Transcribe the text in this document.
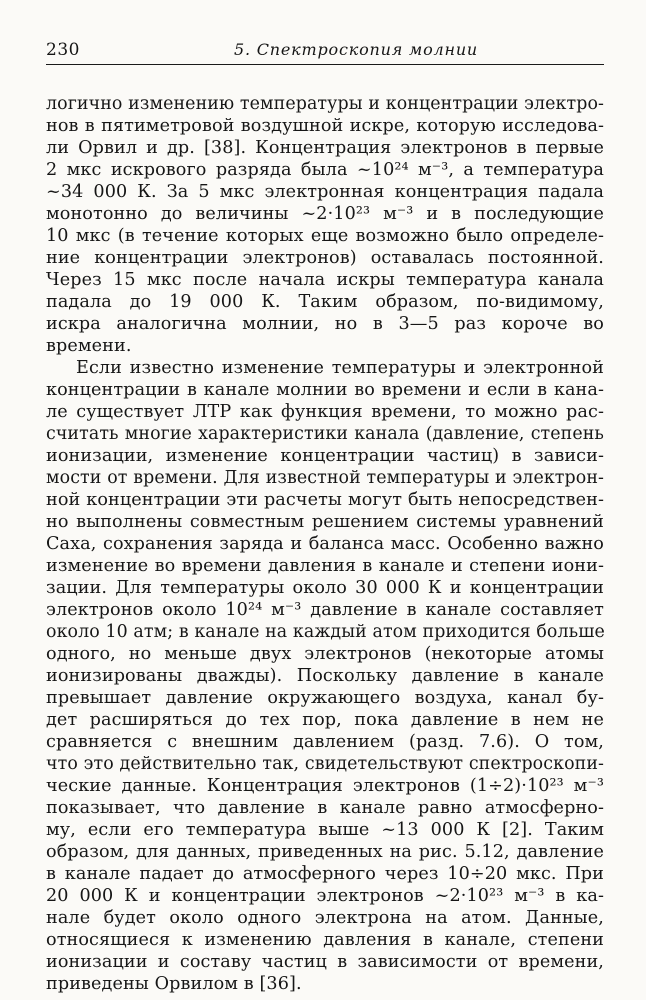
230	5. Спектроскопия молнии
логично изменению температуры и концентрации электро-
нов в пятиметровой воздушной искре, которую исследова-
ли Орвил и др. [38]. Концентрация электронов в первые
2 мкс искрового разряда была ~10²⁴ м⁻³, а температура
~34 000 К. За 5 мкс электронная концентрация падала
монотонно до величины ~2·10²³ м⁻³ и в последующие
10 мкс (в течение которых еще возможно было определе-
ние концентрации электронов) оставалась постоянной.
Через 15 мкс после начала искры температура канала
падала до 19 000 К. Таким образом, по-видимому,
искра аналогична молнии, но в 3—5 раз короче во
времени.
Если известно изменение температуры и электронной
концентрации в канале молнии во времени и если в кана-
ле существует ЛТР как функция времени, то можно рас-
считать многие характеристики канала (давление, степень
ионизации, изменение концентрации частиц) в зависи-
мости от времени. Для известной температуры и электрон-
ной концентрации эти расчеты могут быть непосредствен-
но выполнены совместным решением системы уравнений
Саха, сохранения заряда и баланса масс. Особенно важно
изменение во времени давления в канале и степени иони-
зации. Для температуры около 30 000 К и концентрации
электронов около 10²⁴ м⁻³ давление в канале составляет
около 10 атм; в канале на каждый атом приходится больше
одного, но меньше двух электронов (некоторые атомы
ионизированы дважды). Поскольку давление в канале
превышает давление окружающего воздуха, канал бу-
дет расширяться до тех пор, пока давление в нем не
сравняется с внешним давлением (разд. 7.6). О том,
что это действительно так, свидетельствуют спектроскопи-
ческие данные. Концентрация электронов (1÷2)·10²³ м⁻³
показывает, что давление в канале равно атмосферно-
му, если его температура выше ~13 000 К [2]. Таким
образом, для данных, приведенных на рис. 5.12, давление
в канале падает до атмосферного через 10÷20 мкс. При
20 000 К и концентрации электронов ~2·10²³ м⁻³ в ка-
нале будет около одного электрона на атом. Данные,
относящиеся к изменению давления в канале, степени
ионизации и составу частиц в зависимости от времени,
приведены Орвилом в [36].
